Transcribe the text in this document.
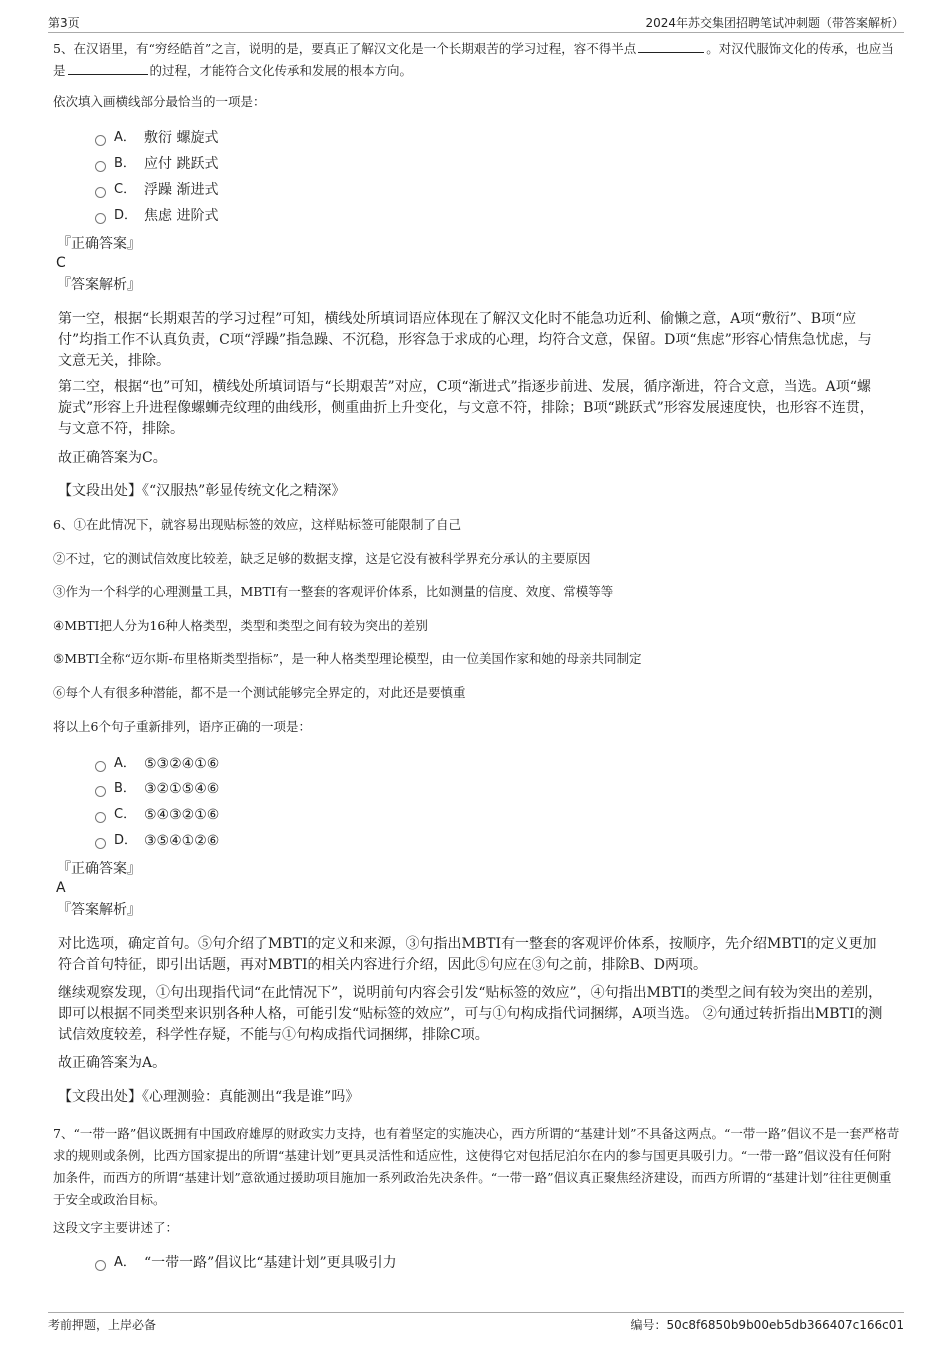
第3页	2024年苏交集团招聘笔试冲刺题（带答案解析）
5、在汉语里，有“穷经皓首”之言，说明的是，要真正了解汉文化是一个长期艰苦的学习过程，容不得半点	。对汉代服饰文化的传承，也应当是	的过程，才能符合文化传承和发展的根本方向。
依次填入画横线部分最恰当的一项是：
A． 敷衍 螺旋式
B． 应付 跳跃式
C． 浮躁 渐进式
D． 焦虑 进阶式
『正确答案』
C
『答案解析』
第一空，根据“长期艰苦的学习过程”可知，横线处所填词语应体现在了解汉文化时不能急功近利、偷懒之意，A项“敷衍”、B项“应付”均指工作不认真负责，C项“浮躁”指急躁、不沉稳，形容急于求成的心理，均符合文意，保留。D项“焦虑”形容心情焦急忧虑，与文意无关，排除。
第二空，根据“也”可知，横线处所填词语与“长期艰苦”对应，C项“渐进式”指逐步前进、发展，循序渐进，符合文意，当选。A项“螺旋式”形容上升进程像螺蛳壳纹理的曲线形，侧重曲折上升变化，与文意不符，排除；B项“跳跃式”形容发展速度快，也形容不连贯，与文意不符，排除。
故正确答案为C。
【文段出处】《“汉服热”彰显传统文化之精深》
6、①在此情况下，就容易出现贴标签的效应，这样贴标签可能限制了自己
②不过，它的测试信效度比较差，缺乏足够的数据支撑，这是它没有被科学界充分承认的主要原因
③作为一个科学的心理测量工具，MBTI有一整套的客观评价体系，比如测量的信度、效度、常模等等
④MBTI把人分为16种人格类型，类型和类型之间有较为突出的差别
⑤MBTI全称“迈尔斯-布里格斯类型指标”，是一种人格类型理论模型，由一位美国作家和她的母亲共同制定
⑥每个人有很多种潜能，都不是一个测试能够完全界定的，对此还是要慎重
将以上6个句子重新排列，语序正确的一项是：
A． ⑤③②④①⑥
B． ③②①⑤④⑥
C． ⑤④③②①⑥
D． ③⑤④①②⑥
『正确答案』
A
『答案解析』
对比选项，确定首句。⑤句介绍了MBTI的定义和来源，③句指出MBTI有一整套的客观评价体系，按顺序，先介绍MBTI的定义更加符合首句特征，即引出话题，再对MBTI的相关内容进行介绍，因此⑤句应在③句之前，排除B、D两项。
继续观察发现，①句出现指代词“在此情况下”，说明前句内容会引发“贴标签的效应”，④句指出MBTI的类型之间有较为突出的差别，即可以根据不同类型来识别各种人格，可能引发“贴标签的效应”，可与①句构成指代词捆绑，A项当选。 ②句通过转折指出MBTI的测试信效度较差，科学性存疑，不能与①句构成指代词捆绑，排除C项。
故正确答案为A。
【文段出处】《心理测验：真能测出“我是谁”吗》
7、“一带一路”倡议既拥有中国政府雄厚的财政实力支持，也有着坚定的实施决心，西方所谓的“基建计划”不具备这两点。“一带一路”倡议不是一套严格苛求的规则或条例，比西方国家提出的所谓“基建计划”更具灵活性和适应性，这使得它对包括尼泊尔在内的参与国更具吸引力。“一带一路”倡议没有任何附加条件，而西方的所谓“基建计划”意欲通过援助项目施加一系列政治先决条件。“一带一路”倡议真正聚焦经济建设，而西方所谓的“基建计划”往往更侧重于安全或政治目标。
这段文字主要讲述了：
A． “一带一路”倡议比“基建计划”更具吸引力
考前押题，上岸必备	编号：50c8f6850b9b00eb5db366407c166c01
